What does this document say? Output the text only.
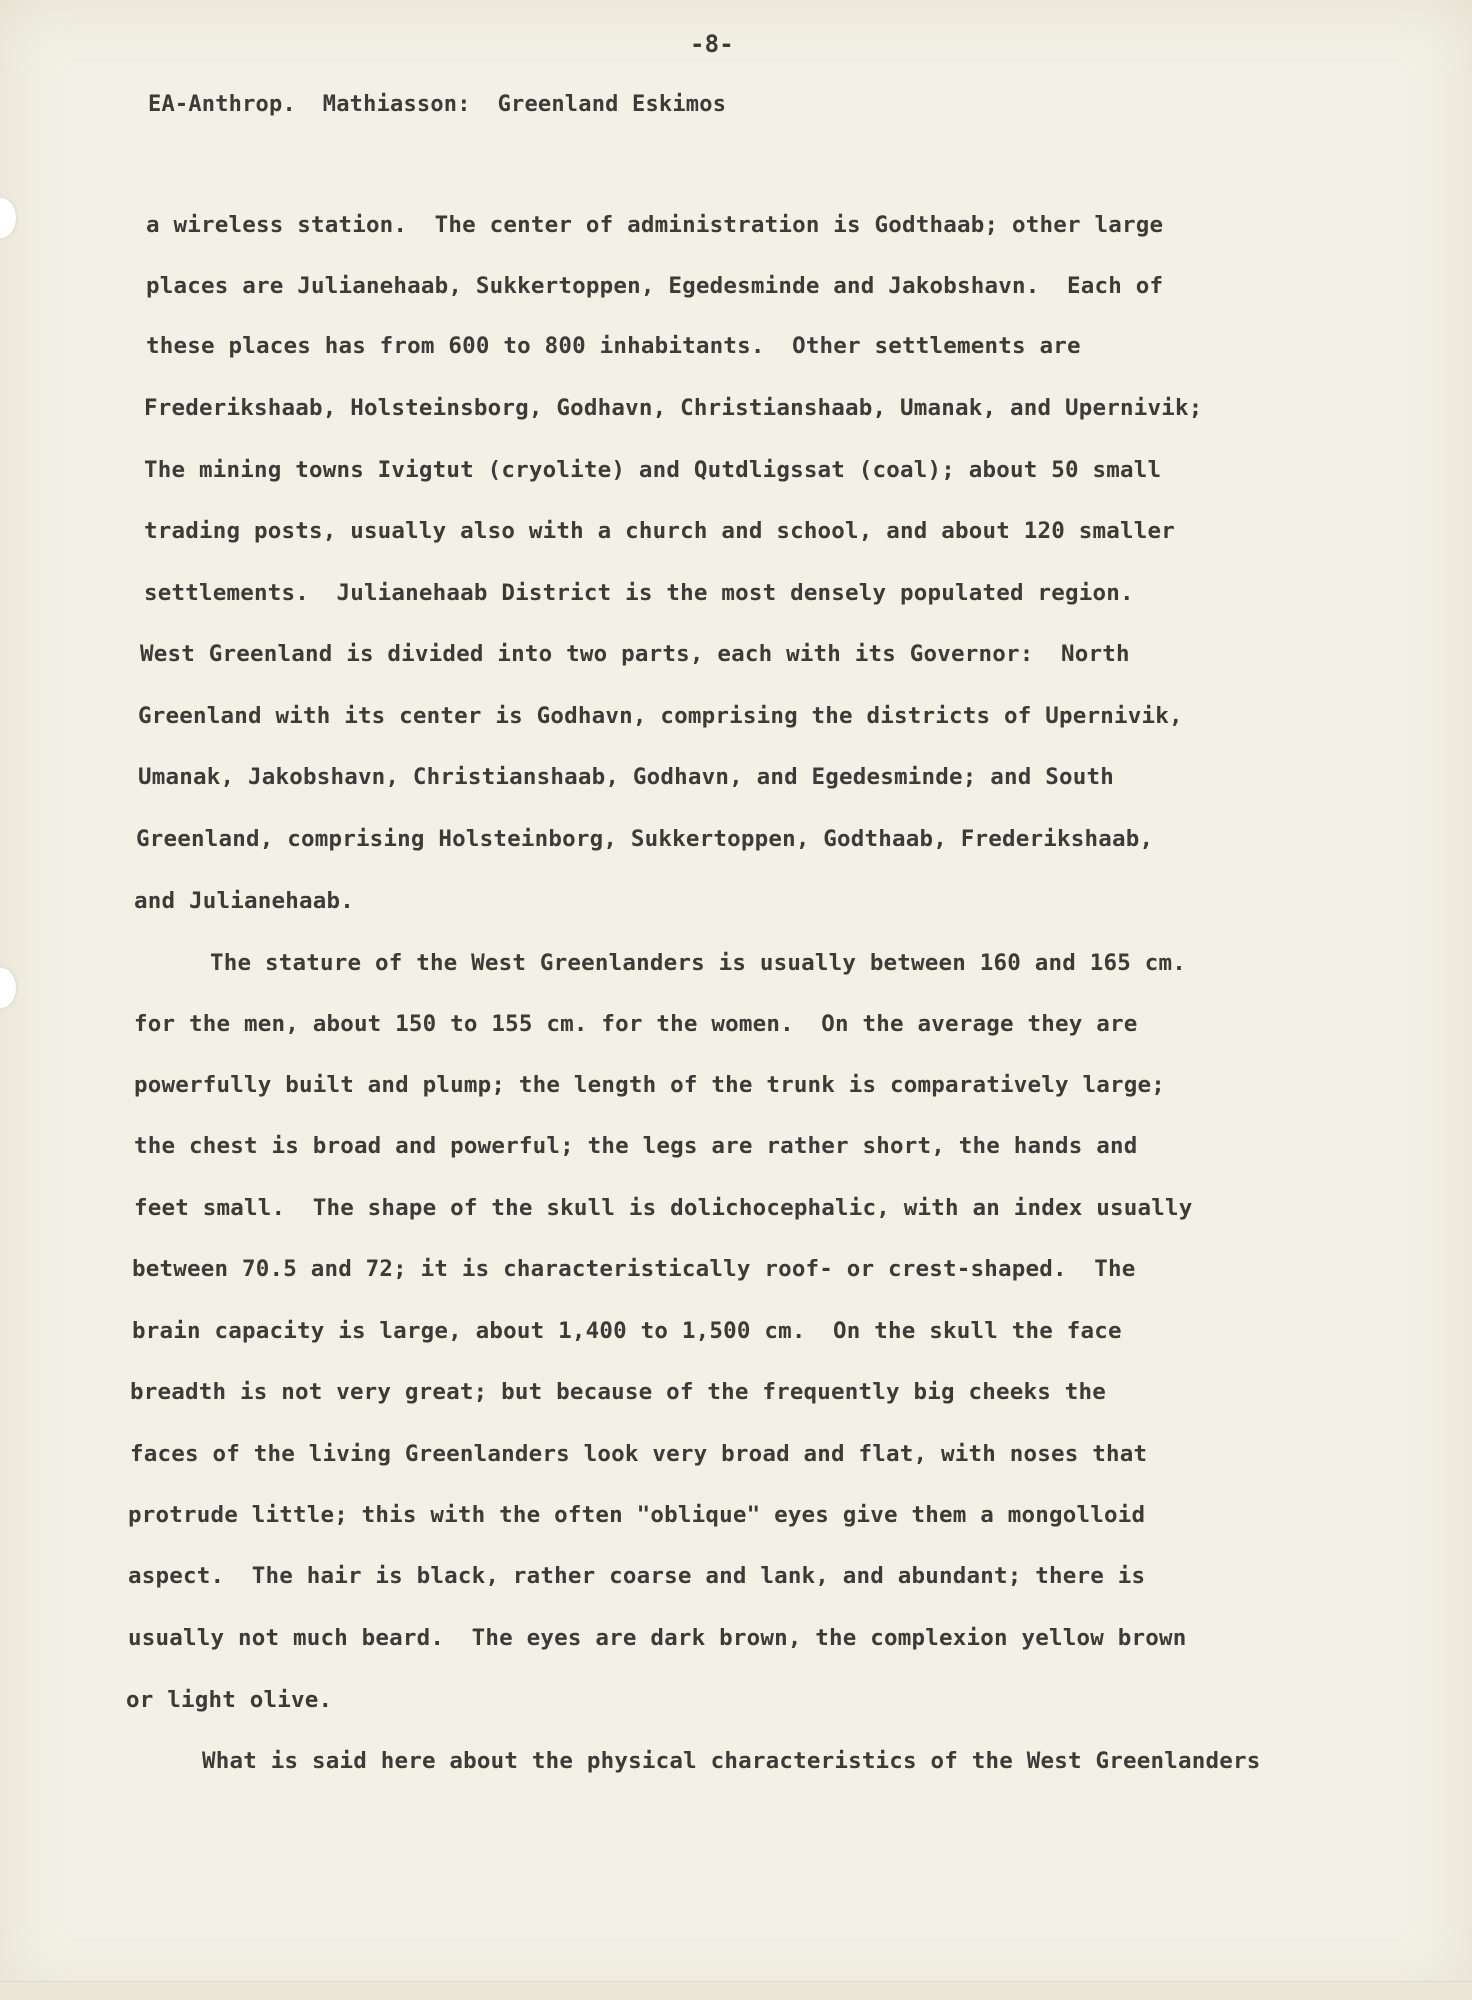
-8-
EA-Anthrop.  Mathiasson:  Greenland Eskimos
a wireless station.  The center of administration is Godthaab; other large
places are Julianehaab, Sukkertoppen, Egedesminde and Jakobshavn.  Each of
these places has from 600 to 800 inhabitants.  Other settlements are
Frederikshaab, Holsteinsborg, Godhavn, Christianshaab, Umanak, and Upernivik;
The mining towns Ivigtut (cryolite) and Qutdligssat (coal); about 50 small
trading posts, usually also with a church and school, and about 120 smaller
settlements.  Julianehaab District is the most densely populated region.
West Greenland is divided into two parts, each with its Governor:  North
Greenland with its center is Godhavn, comprising the districts of Upernivik,
Umanak, Jakobshavn, Christianshaab, Godhavn, and Egedesminde; and South
Greenland, comprising Holsteinborg, Sukkertoppen, Godthaab, Frederikshaab,
and Julianehaab.
The stature of the West Greenlanders is usually between 160 and 165 cm.
for the men, about 150 to 155 cm. for the women.  On the average they are
powerfully built and plump; the length of the trunk is comparatively large;
the chest is broad and powerful; the legs are rather short, the hands and
feet small.  The shape of the skull is dolichocephalic, with an index usually
between 70.5 and 72; it is characteristically roof- or crest-shaped.  The
brain capacity is large, about 1,400 to 1,500 cm.  On the skull the face
breadth is not very great; but because of the frequently big cheeks the
faces of the living Greenlanders look very broad and flat, with noses that
protrude little; this with the often "oblique" eyes give them a mongolloid
aspect.  The hair is black, rather coarse and lank, and abundant; there is
usually not much beard.  The eyes are dark brown, the complexion yellow brown
or light olive.
What is said here about the physical characteristics of the West Greenlanders
